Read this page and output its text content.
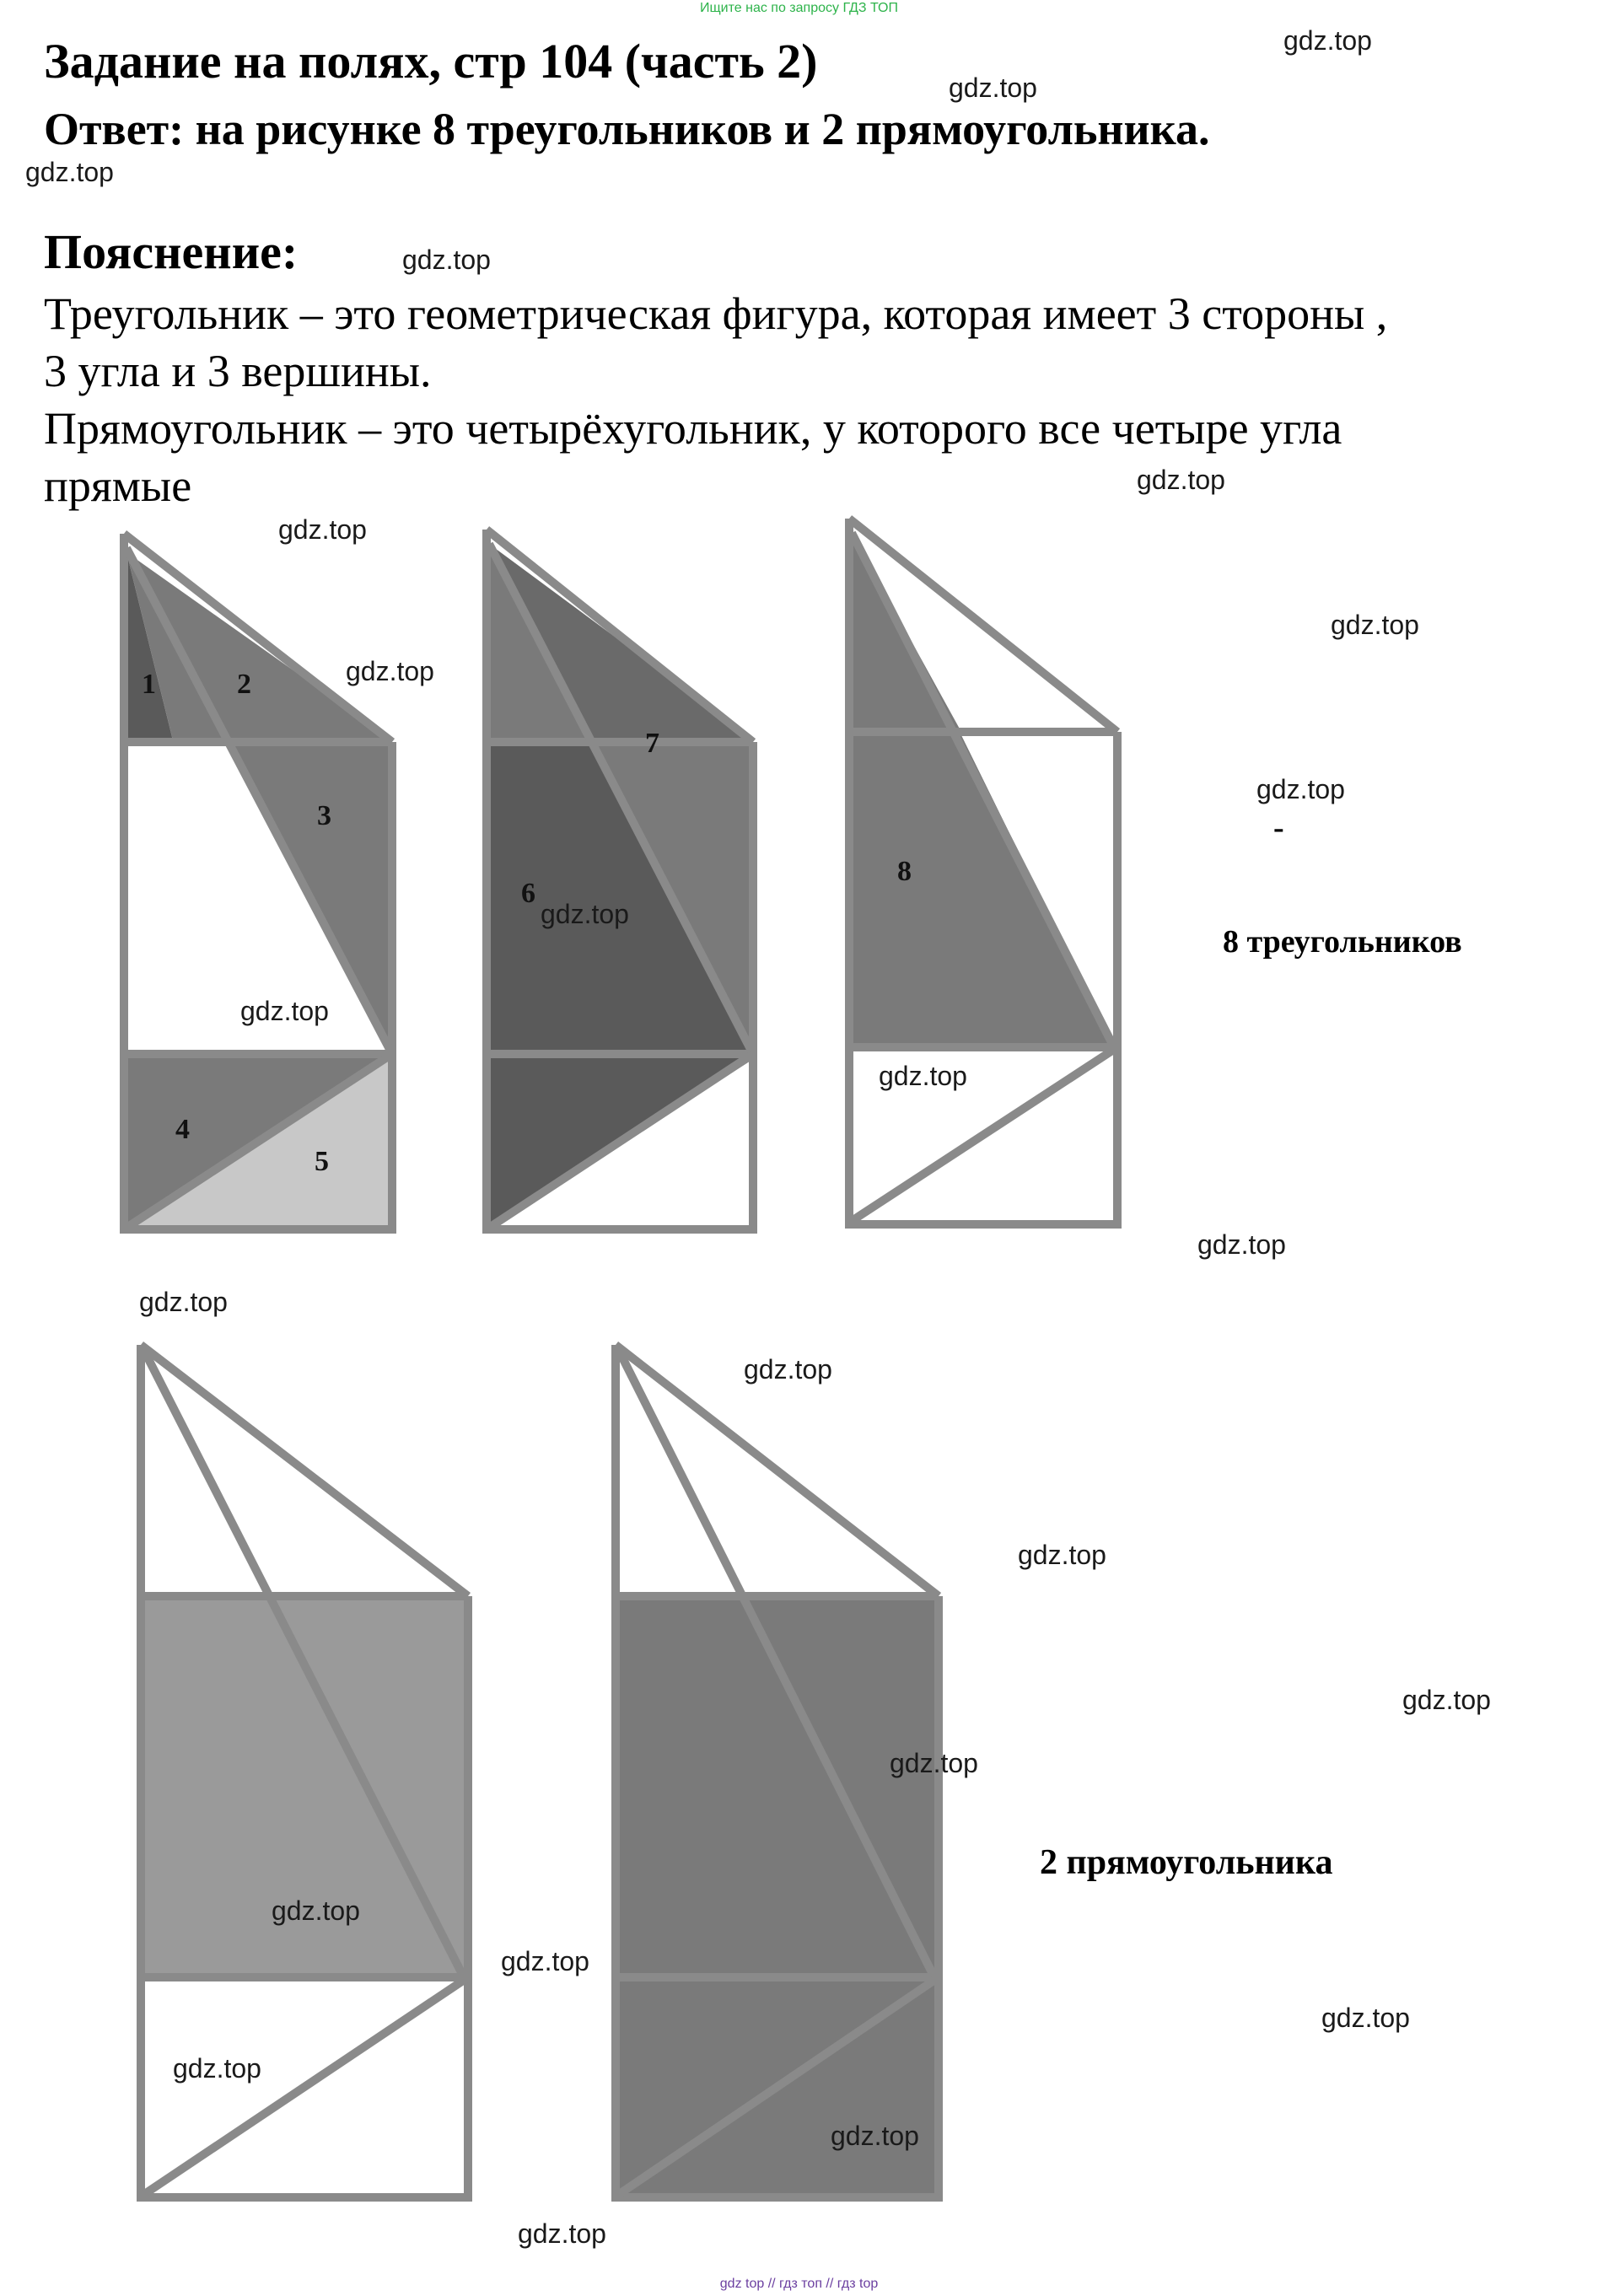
Ищите нас по запросу ГДЗ ТОП
Задание на полях, стр 104 (часть 2)
Ответ: на рисунке 8 треугольников и 2 прямоугольника.
Пояснение:
Треугольник – это геометрическая фигура, которая имеет 3 стороны ,
3 угла и 3 вершины.
Прямоугольник – это четырёхугольник, у которого все четыре угла
прямые
1	2
3
4
5
7
6
8
8 треугольников
2 прямоугольника
-
gdz.top
gdz.top
gdz.top
gdz.top
gdz.top
gdz.top
gdz.top
gdz.top
gdz.top
gdz.top
gdz.top
gdz.top
gdz.top
gdz.top
gdz.top
gdz.top
gdz.top
gdz.top
gdz.top
gdz.top
gdz.top
gdz.top
gdz.top
gdz.top
gdz top // гдз топ // гдз top
